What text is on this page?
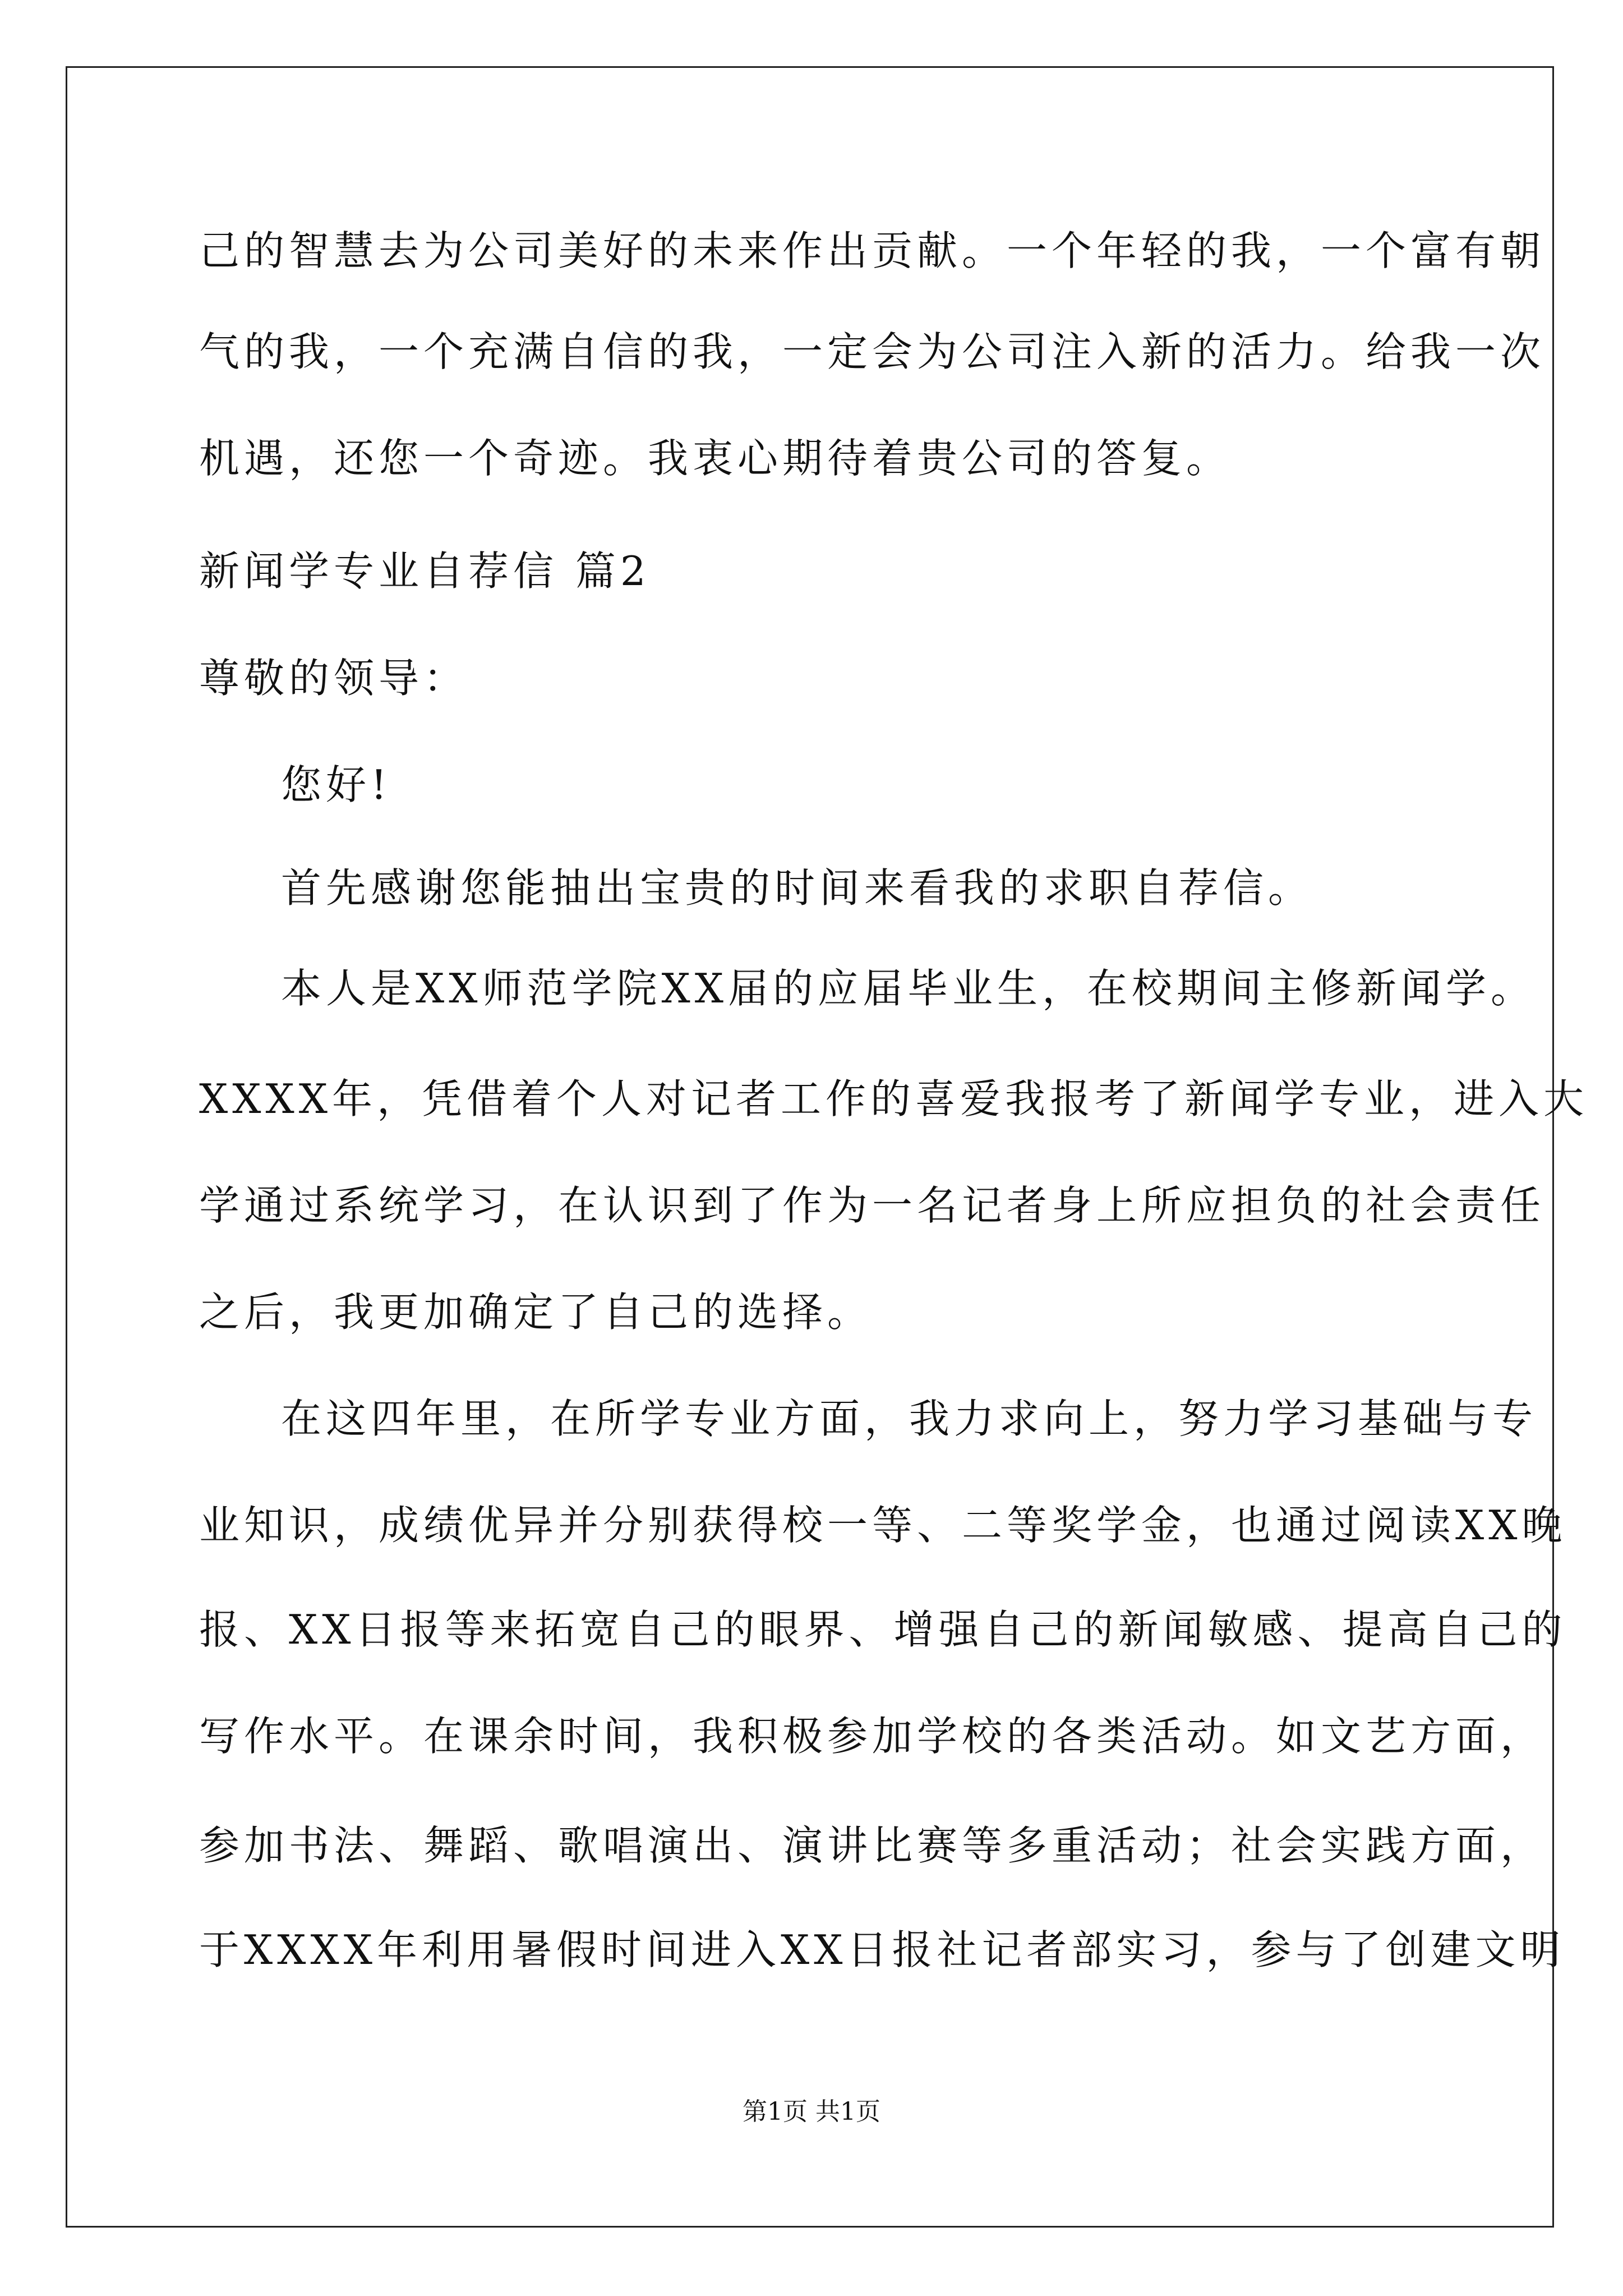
己的智慧去为公司美好的未来作出贡献。一个年轻的我，一个富有朝
气的我，一个充满自信的我，一定会为公司注入新的活力。给我一次
机遇，还您一个奇迹。我衷心期待着贵公司的答复。
新闻学专业自荐信 篇2
尊敬的领导：
您好!
首先感谢您能抽出宝贵的时间来看我的求职自荐信。
本人是XX师范学院XX届的应届毕业生，在校期间主修新闻学。
XXXX年，凭借着个人对记者工作的喜爱我报考了新闻学专业，进入大
学通过系统学习，在认识到了作为一名记者身上所应担负的社会责任
之后，我更加确定了自己的选择。
在这四年里，在所学专业方面，我力求向上，努力学习基础与专
业知识，成绩优异并分别获得校一等、二等奖学金，也通过阅读XX晚
报、XX日报等来拓宽自己的眼界、增强自己的新闻敏感、提高自己的
写作水平。在课余时间，我积极参加学校的各类活动。如文艺方面，
参加书法、舞蹈、歌唱演出、演讲比赛等多重活动；社会实践方面，
于XXXX年利用暑假时间进入XX日报社记者部实习，参与了创建文明
第1页 共1页
